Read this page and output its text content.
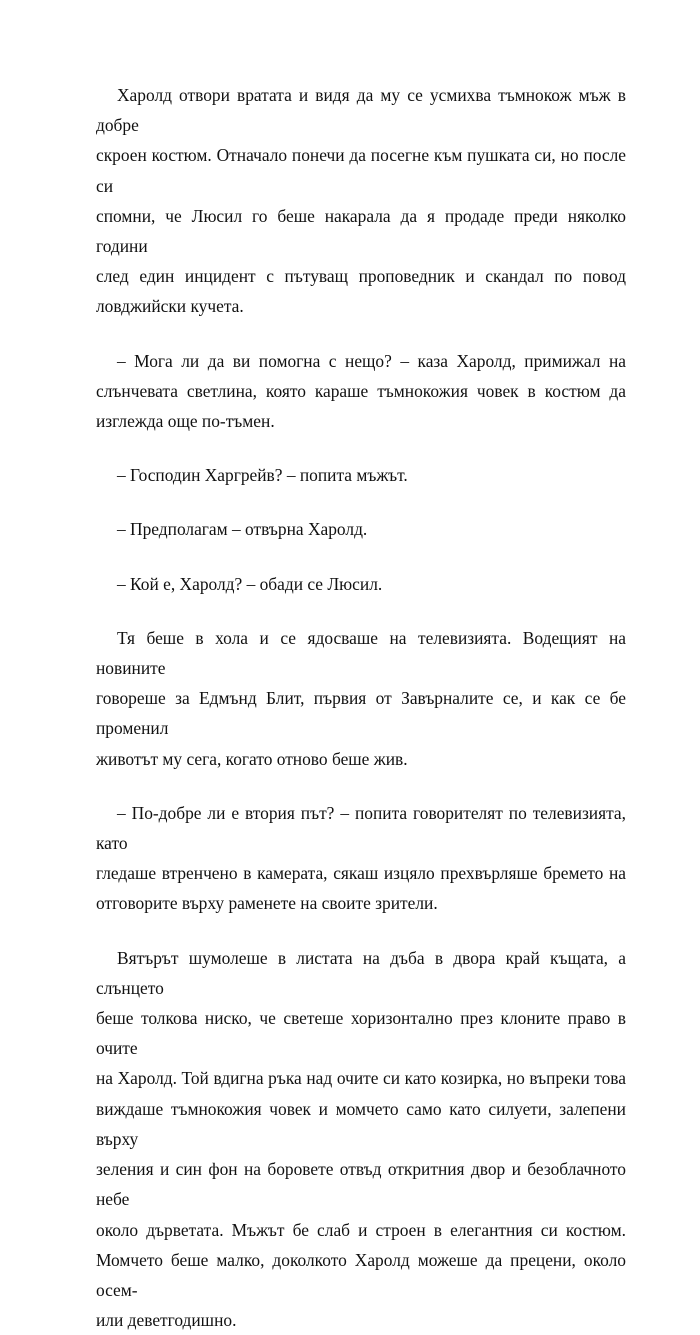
Харолд отвори вратата и видя да му се усмихва тъмнокож мъж в добре
скроен костюм. Отначало понечи да посегне към пушката си, но после си
спомни, че Люсил го беше накарала да я продаде преди няколко години
след един инцидент с пътуващ проповедник и скандал по повод
ловджийски кучета.

– Мога ли да ви помогна с нещо? – каза Харолд, примижал на
слънчевата светлина, която караше тъмнокожия човек в костюм да
изглежда още по-тъмен.

– Господин Харгрейв? – попита мъжът.

– Предполагам – отвърна Харолд.

– Кой е, Харолд? – обади се Люсил.

Тя беше в хола и се ядосваше на телевизията. Водещият на новините
говореше за Едмънд Блит, първия от Завърналите се, и как се бе променил
животът му сега, когато отново беше жив.

– По-добре ли е втория път? – попита говорителят по телевизията, като
гледаше втренчено в камерата, сякаш изцяло прехвърляше бремето на
отговорите върху раменете на своите зрители.

Вятърът шумолеше в листата на дъба в двора край къщата, а слънцето
беше толкова ниско, че светеше хоризонтално през клоните право в очите
на Харолд. Той вдигна ръка над очите си като козирка, но въпреки това
виждаше тъмнокожия човек и момчето само като силуети, залепени върху
зеления и син фон на боровете отвъд откритния двор и безоблачното небе
около дърветата. Мъжът бе слаб и строен в елегантния си костюм.
Момчето беше малко, доколкото Харолд можеше да прецени, около осем-
или деветгодишно.
